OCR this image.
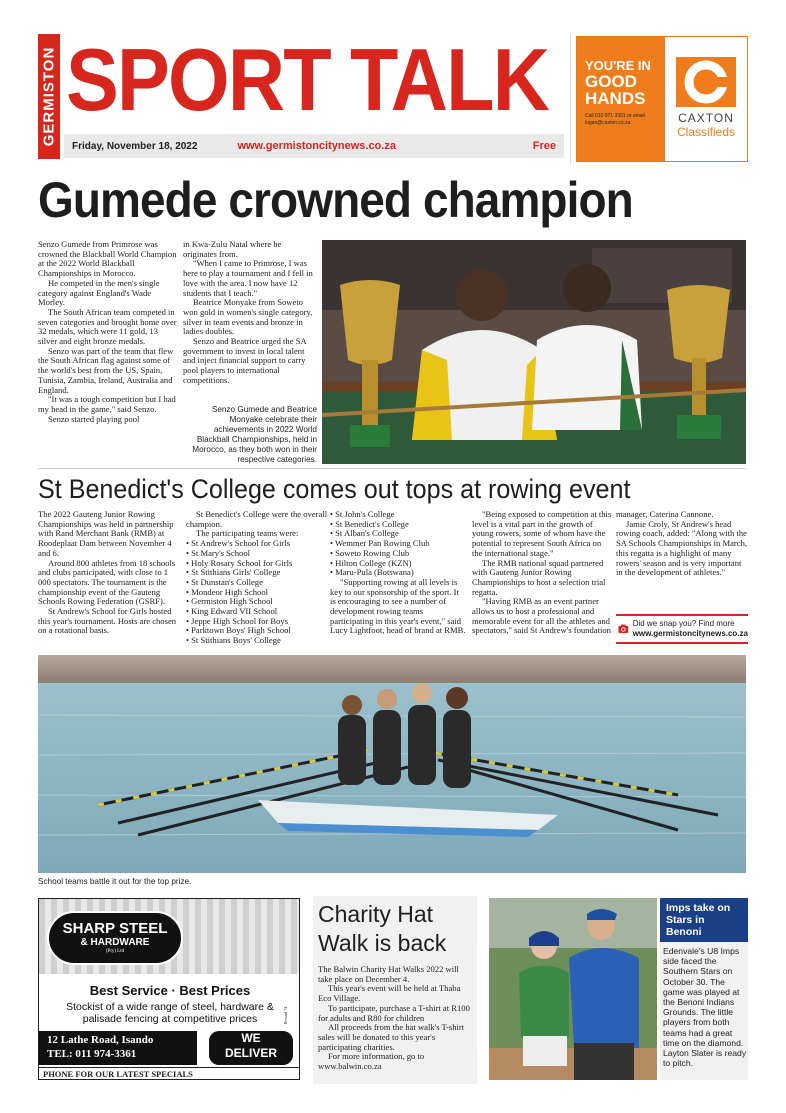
GERMISTON SPORT TALK
Friday, November 18, 2022	www.germistoncitynews.co.za	Free
YOU'RE IN
GOOD
HANDS
Call 010 971 3301 or email logan@caxton.co.za	CAXTON
Classifieds
Gumede crowned champion

Senzo Gumede from Primrose was crowned the Blackball World Champion at the 2022 World Blackball Championships in Morocco.

He competed in the men's single category against England's Wade Morley.

The South African team competed in seven categories and brought home over 32 medals, which were 11 gold, 13 silver and eight bronze medals.

Senzo was part of the team that flew the South African flag against some of the world's best from the US, Spain, Tunisia, Zambia, Ireland, Australia and England.

"It was a tough competition but I had my head in the game," said Senzo.

Senzo started playing pool

in Kwa-Zulu Natal where he originates from.

"When I came to Primrose, I was here to play a tournament and I fell in love with the area. I now have 12 students that I teach."

Beatrice Monyake from Soweto won gold in women's single category, silver in team events and bronze in ladies doubles.

Senzo and Beatrice urged the SA government to invest in local talent and inject financial support to carry pool players to international competitions.

Senzo Gumede and Beatrice Monyake celebrate their achievements in 2022 World Blackball Championships, held in Morocco, as they both won in their respective categories.
St Benedict's College comes out tops at rowing event

The 2022 Gauteng Junior Rowing Championships was held in partnership with Rand Merchant Bank (RMB) at Roodeplaat Dam between November 4 and 6.

Around 800 athletes from 18 schools and clubs participated, with close to 1 000 spectators. The tournament is the championship event of the Gauteng Schools Rowing Federation (GSRF).

St Andrew's School for Girls hosted this year's tournament. Hosts are chosen on a rotational basis.

St Benedict's College were the overall champion.

The participating teams were:

• St Andrew's School for Girls
• St Mary's School
• Holy Rosary School for Girls
• St Stithians Girls' College
• St Dunstan's College
• Mondeor High School
• Germiston High School
• King Edward VII School
• Jeppe High School for Boys
• Parktown Boys' High School
• St Stithians Boys' College
• St John's College
• St Benedict's College
• St Alban's College
• Wemmer Pan Rowing Club
• Soweto Rowing Club
• Hilton College (KZN)
• Maru-Pula (Botswana)

"Supporting rowing at all levels is key to our sponsorship of the sport. It is encouraging to see a number of development rowing teams participating in this year's event," said Lucy Lightfoot, head of brand at RMB.

"Being exposed to competition at this level is a vital part in the growth of young rowers, some of whom have the potential to represent South Africa on the international stage."

The RMB national squad partnered with Gauteng Junior Rowing Championships to host a selection trial regatta.

"Having RMB as an event partner allows us to host a professional and memorable event for all the athletes and spectators," said St Andrew's foundation

manager, Caterina Cannone.

Jamie Croly, St Andrew's head rowing coach, added: "Along with the SA Schools Championships in March, this regatta is a highlight of many rowers' season and is very important in the development of athletes."

Did we snap you? Find more
www.germistoncitynews.co.za
School teams battle it out for the top prize.
SHARP STEEL
& HARDWARE
(Pty) Ltd
Best Service · Best Prices
Stockist of a wide range of steel, hardware & palisade fencing at competitive prices
12 Lathe Road, Isando
TEL: 011 974-3361
WE
DELIVER
Reward 74
PHONE FOR OUR LATEST SPECIALS
Charity Hat Walk is back

The Balwin Charity Hat Walks 2022 will take place on December 4.

This year's event will be held at Thaba Eco Village.

To participate, purchase a T-shirt at R100 for adults and R80 for children

All proceeds from the hat walk's T-shirt sales will be donated to this year's participating charities.

For more information, go to www.balwin.co.za

Imps take on Stars in Benoni
Edenvale's U8 Imps side faced the Southern Stars on October 30. The game was played at the Benoni Indians Grounds. The little players from both teams had a great time on the diamond. Layton Slater is ready to pitch.
